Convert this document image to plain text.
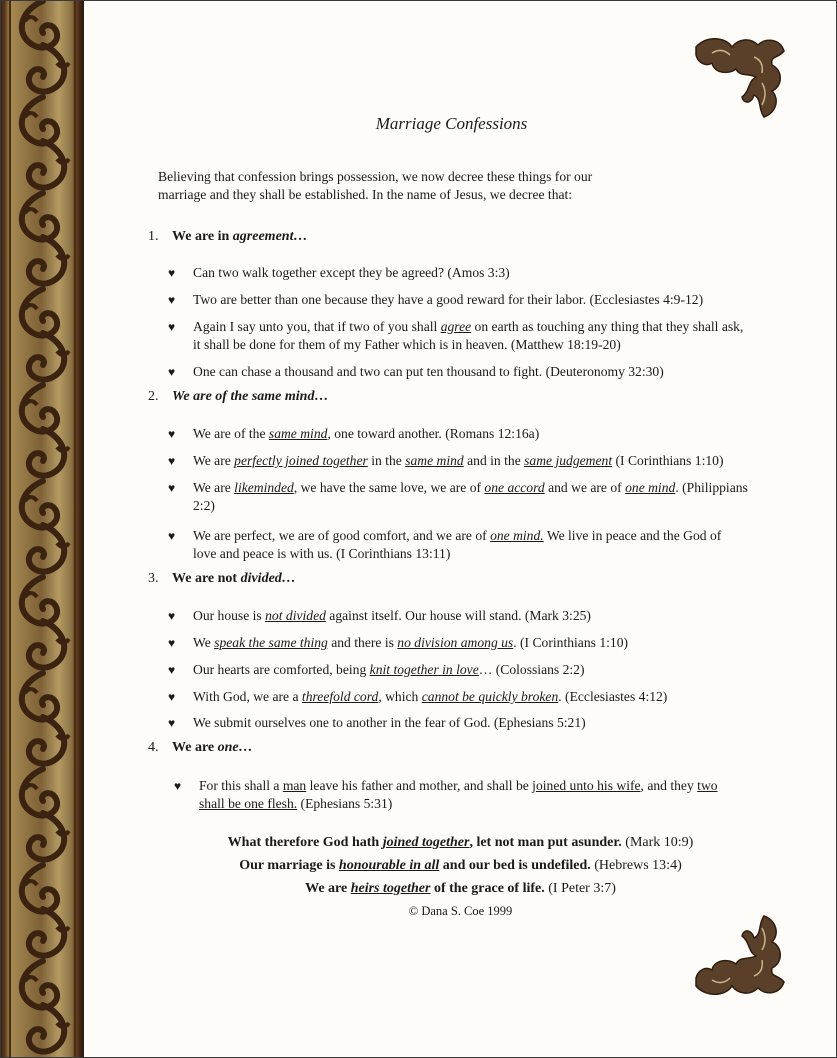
Marriage Confessions
Believing that confession brings possession, we now decree these things for our
marriage and they shall be established. In the name of Jesus, we decree that:
1. We are in agreement…
♥ Can two walk together except they be agreed? (Amos 3:3)
♥ Two are better than one because they have a good reward for their labor. (Ecclesiastes 4:9-12)
♥ Again I say unto you, that if two of you shall agree on earth as touching any thing that they shall ask, it shall be done for them of my Father which is in heaven. (Matthew 18:19-20)
♥ One can chase a thousand and two can put ten thousand to fight. (Deuteronomy 32:30)
2. We are of the same mind…
♥ We are of the same mind, one toward another. (Romans 12:16a)
♥ We are perfectly joined together in the same mind and in the same judgement (I Corinthians 1:10)
♥ We are likeminded, we have the same love, we are of one accord and we are of one mind. (Philippians 2:2)
♥ We are perfect, we are of good comfort, and we are of one mind. We live in peace and the God of love and peace is with us. (I Corinthians 13:11)
3. We are not divided…
♥ Our house is not divided against itself. Our house will stand. (Mark 3:25)
♥ We speak the same thing and there is no division among us. (I Corinthians 1:10)
♥ Our hearts are comforted, being knit together in love… (Colossians 2:2)
♥ With God, we are a threefold cord, which cannot be quickly broken. (Ecclesiastes 4:12)
♥ We submit ourselves one to another in the fear of God. (Ephesians 5:21)
4. We are one…
♥ For this shall a man leave his father and mother, and shall be joined unto his wife, and they two shall be one flesh. (Ephesians 5:31)
What therefore God hath joined together, let not man put asunder. (Mark 10:9)
Our marriage is honourable in all and our bed is undefiled. (Hebrews 13:4)
We are heirs together of the grace of life. (I Peter 3:7)
© Dana S. Coe 1999
